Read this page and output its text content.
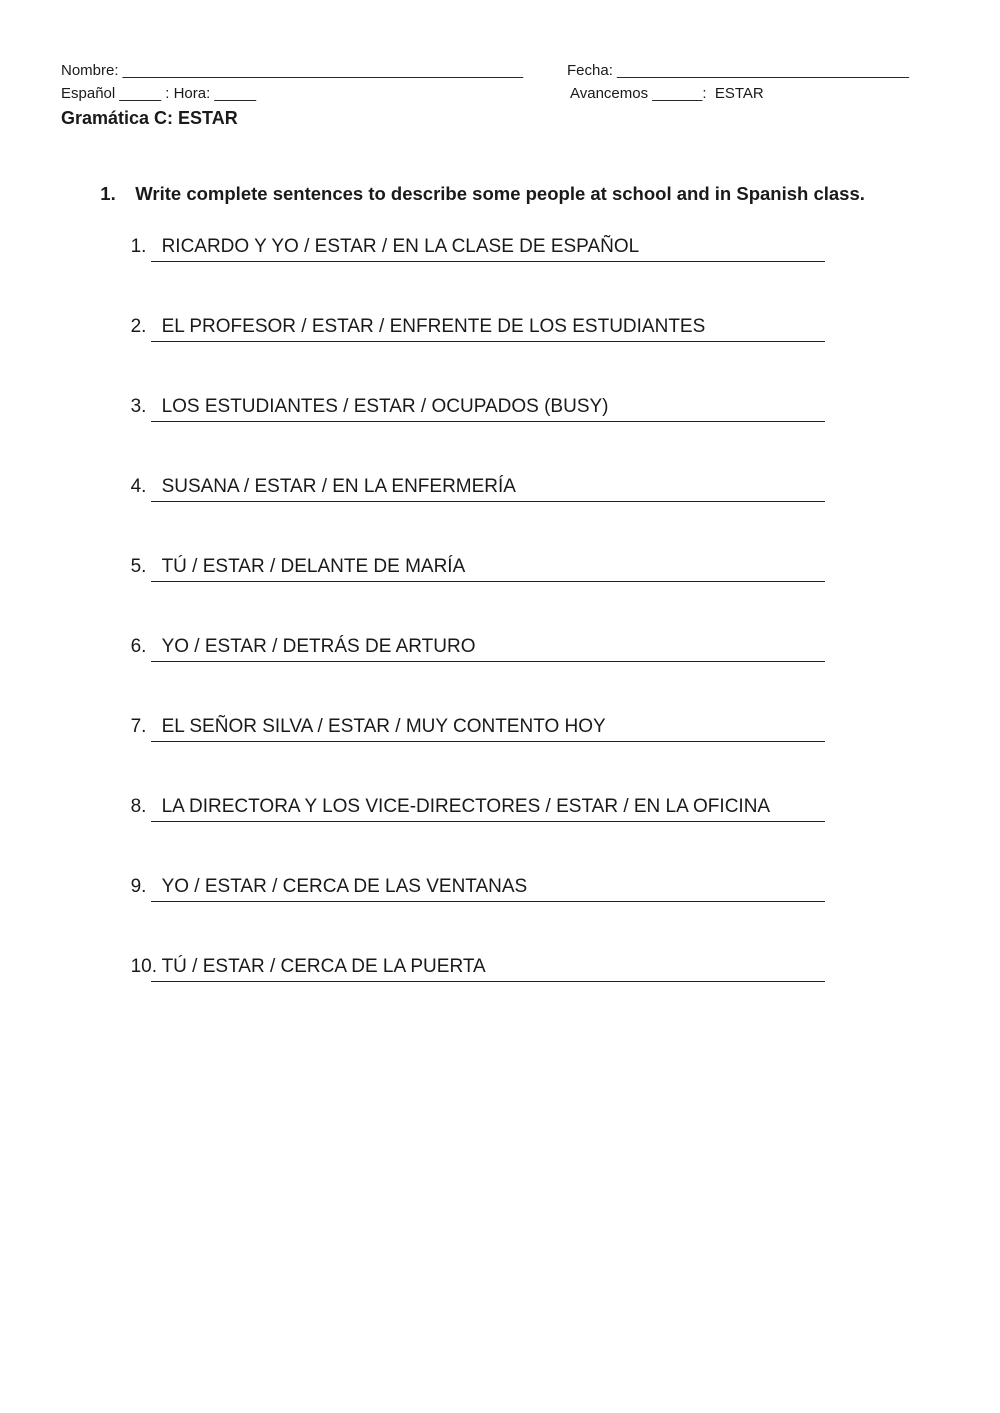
Nombre: ________________________________________________	Fecha: ___________________________________
Español _____ : Hora: _____	Avancemos ______:  ESTAR
Gramática C: ESTAR

1. Write complete sentences to describe some people at school and in Spanish class.

1. RICARDO Y YO / ESTAR / EN LA CLASE DE ESPAÑOL

2. EL PROFESOR / ESTAR / ENFRENTE DE LOS ESTUDIANTES

3. LOS ESTUDIANTES / ESTAR / OCUPADOS (BUSY)

4. SUSANA / ESTAR / EN LA ENFERMERÍA

5. TÚ / ESTAR / DELANTE DE MARÍA

6. YO / ESTAR / DETRÁS DE ARTURO

7. EL SEÑOR SILVA / ESTAR / MUY CONTENTO HOY

8. LA DIRECTORA Y LOS VICE-DIRECTORES / ESTAR / EN LA OFICINA

9. YO / ESTAR / CERCA DE LAS VENTANAS

10. TÚ / ESTAR / CERCA DE LA PUERTA
